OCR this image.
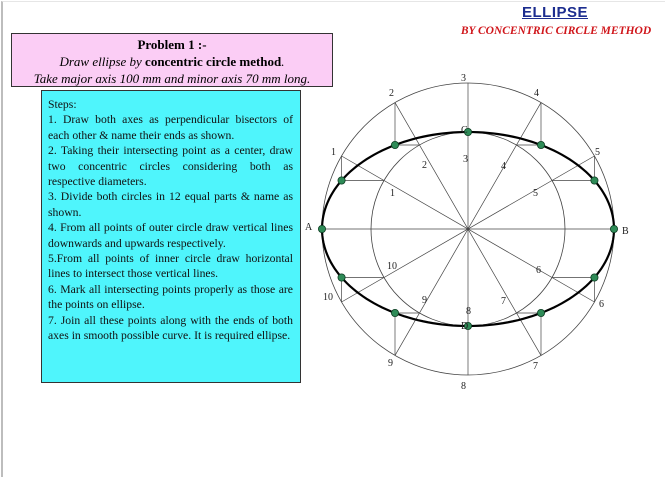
ELLIPSE
BY CONCENTRIC CIRCLE METHOD
Problem 1 :-
Draw ellipse by concentric circle method.
Take major axis 100 mm and minor axis 70 mm long.

Steps:

1. Draw both axes as perpendicular bisectors of each other & name their ends as shown.

2. Taking their intersecting point as a center, draw two concentric circles considering both as respective diameters.

3. Divide both circles in 12 equal parts & name as shown.

4. From all points of outer circle draw vertical lines downwards and upwards respectively.

5.From all points of inner circle draw horizontal lines to intersect those vertical lines.

6. Mark all intersecting points properly as those are the points on ellipse.

7. Join all these points along with the ends of both axes in smooth possible curve. It is required ellipse.

A	B
C
D
1
2
3
4
5
6
7
8
9
10
1
2
3
4
5
6
7
8
9
10
